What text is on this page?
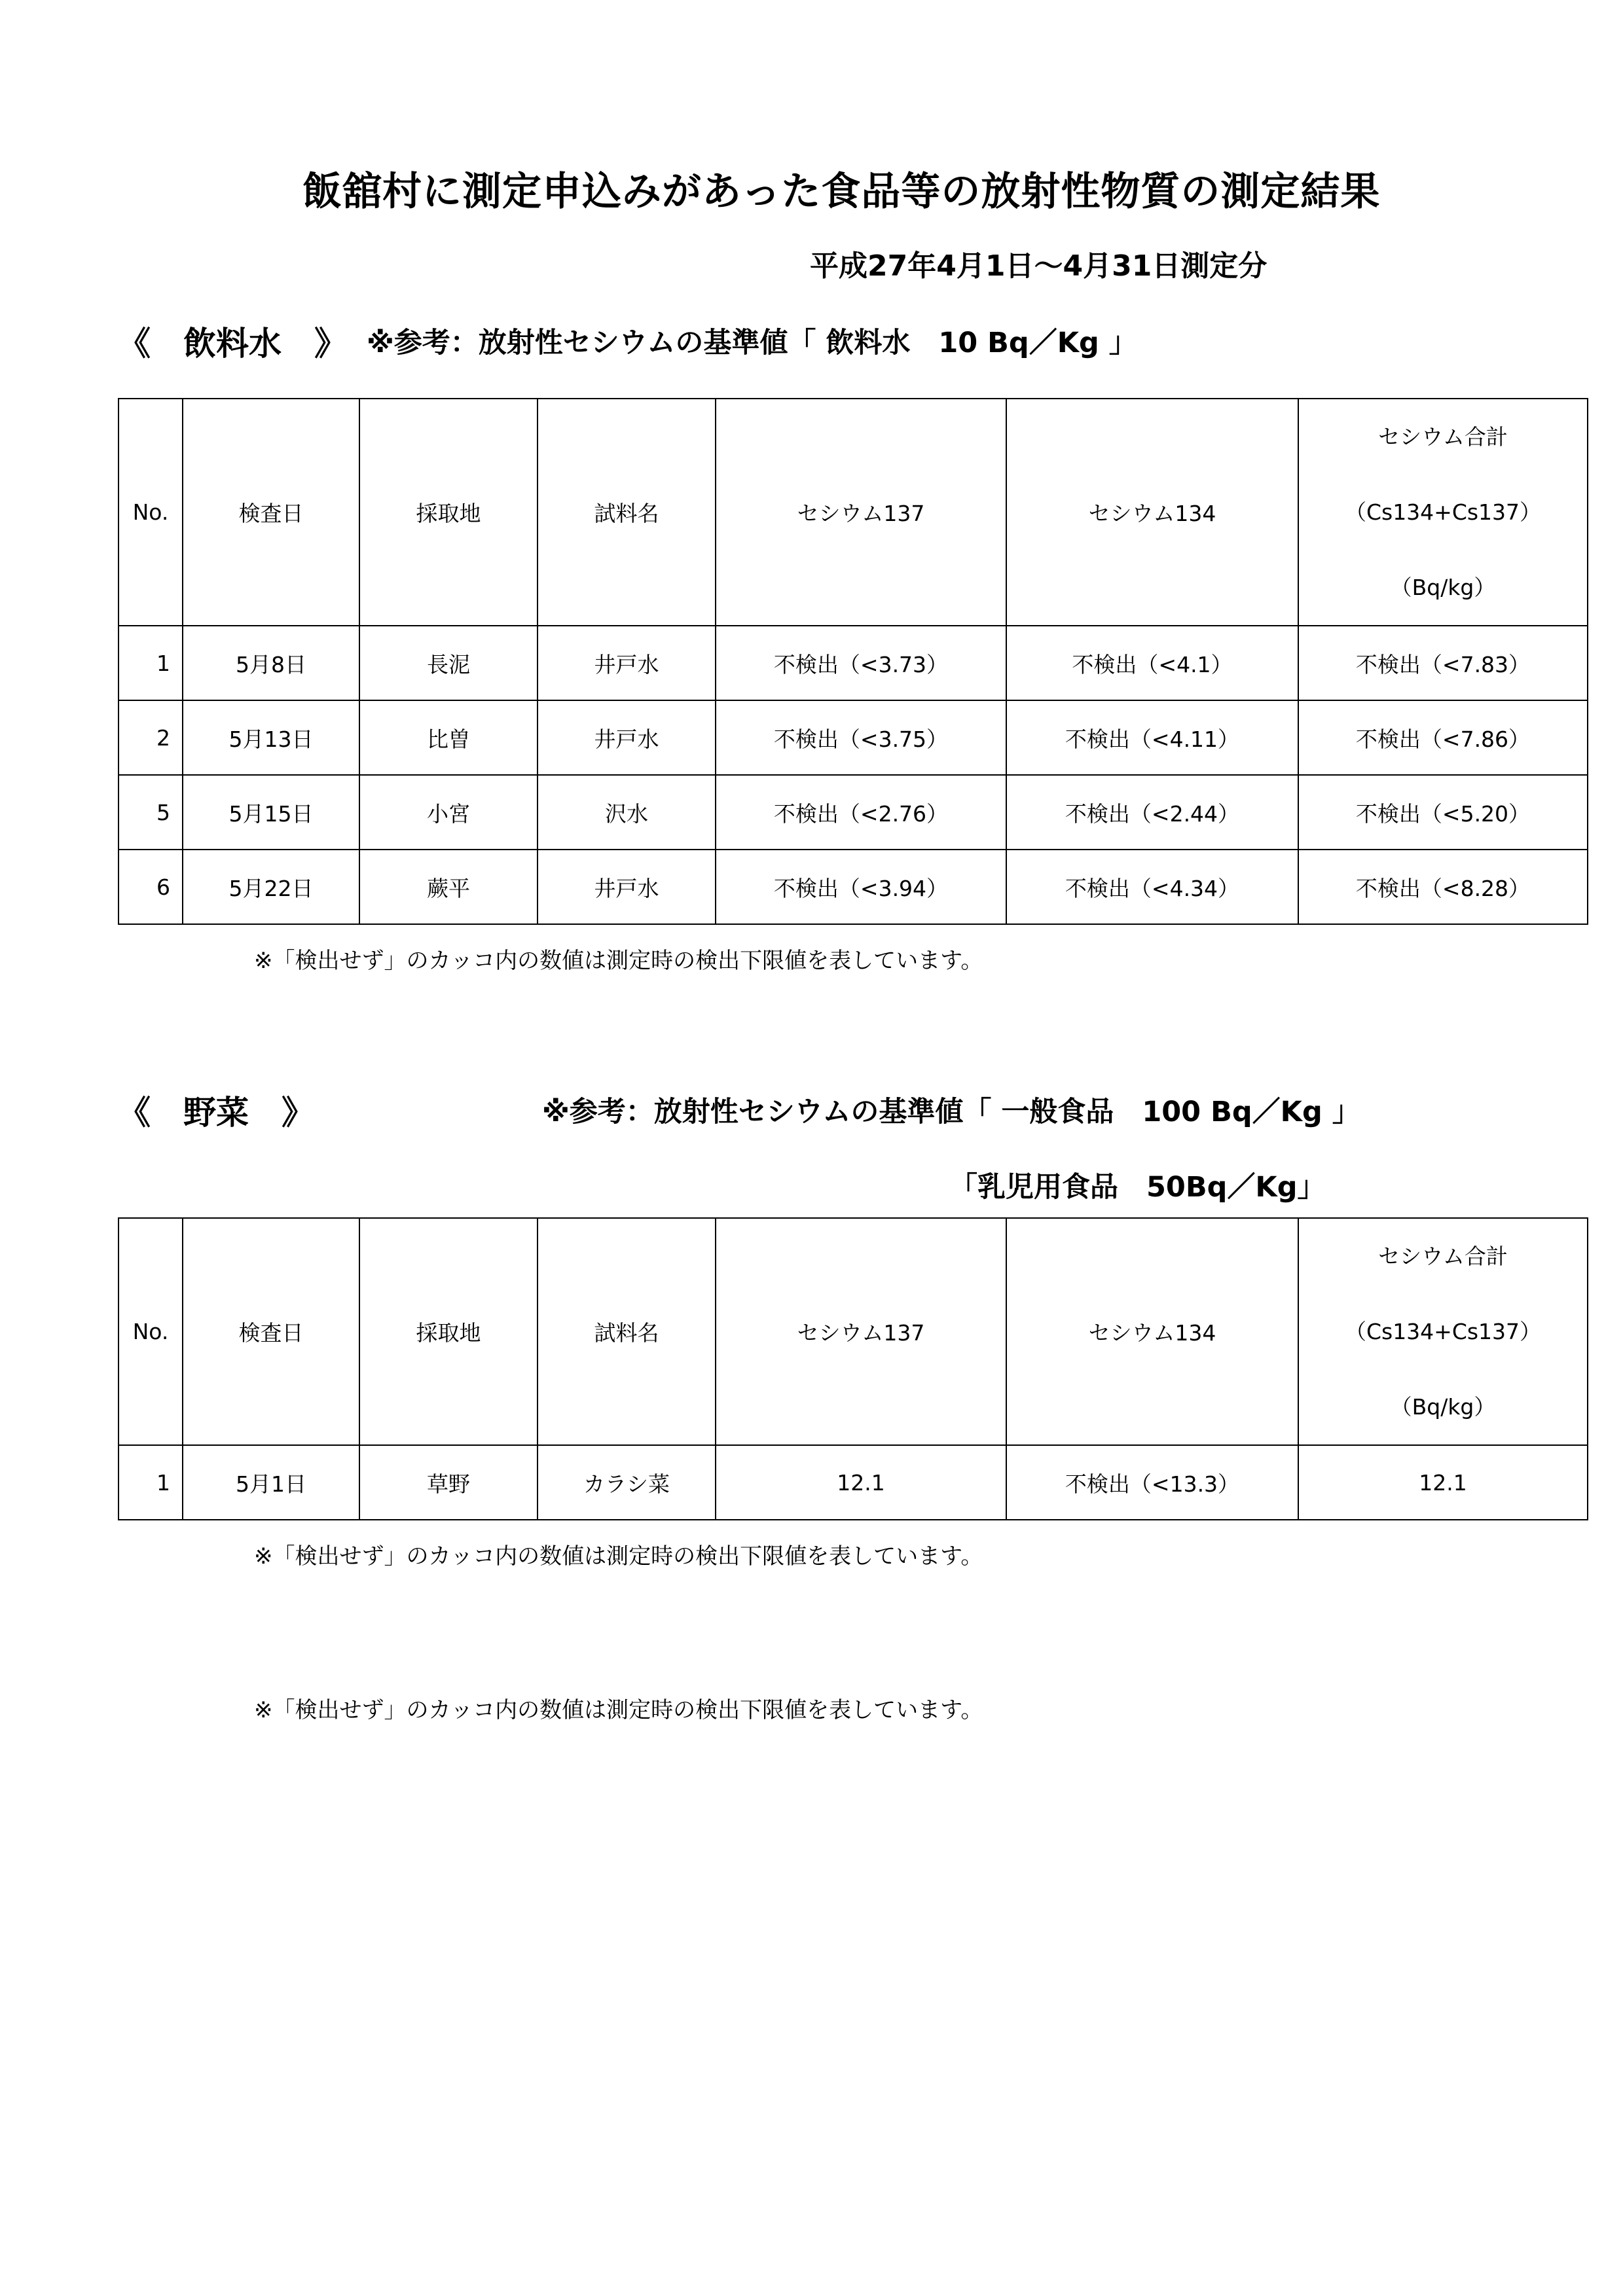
飯舘村に測定申込みがあった食品等の放射性物質の測定結果
平成27年4月1日～4月31日測定分
《　飲料水　》 ※参考：放射性セシウムの基準値「 飲料水　10 Bq／Kg 」
No.	検査日	採取地	試料名	セシウム137	セシウム134	セシウム合計
（Cs134+Cs137）
（Bq/kg）

1	5月8日	長泥	井戸水	不検出（<3.73）	不検出（<4.1）	不検出（<7.83）
2	5月13日	比曽	井戸水	不検出（<3.75）	不検出（<4.11）	不検出（<7.86）
5	5月15日	小宮	沢水	不検出（<2.76）	不検出（<2.44）	不検出（<5.20）
6	5月22日	蕨平	井戸水	不検出（<3.94）	不検出（<4.34）	不検出（<8.28）
※「検出せず」のカッコ内の数値は測定時の検出下限値を表しています。
《　野菜　》	※参考：放射性セシウムの基準値「 一般食品　100 Bq／Kg 」
「乳児用食品　50Bq／Kg」
No.	検査日	採取地	試料名	セシウム137	セシウム134	セシウム合計
（Cs134+Cs137）
（Bq/kg）

1	5月1日	草野	カラシ菜	12.1	不検出（<13.3）	12.1
※「検出せず」のカッコ内の数値は測定時の検出下限値を表しています。
※「検出せず」のカッコ内の数値は測定時の検出下限値を表しています。
